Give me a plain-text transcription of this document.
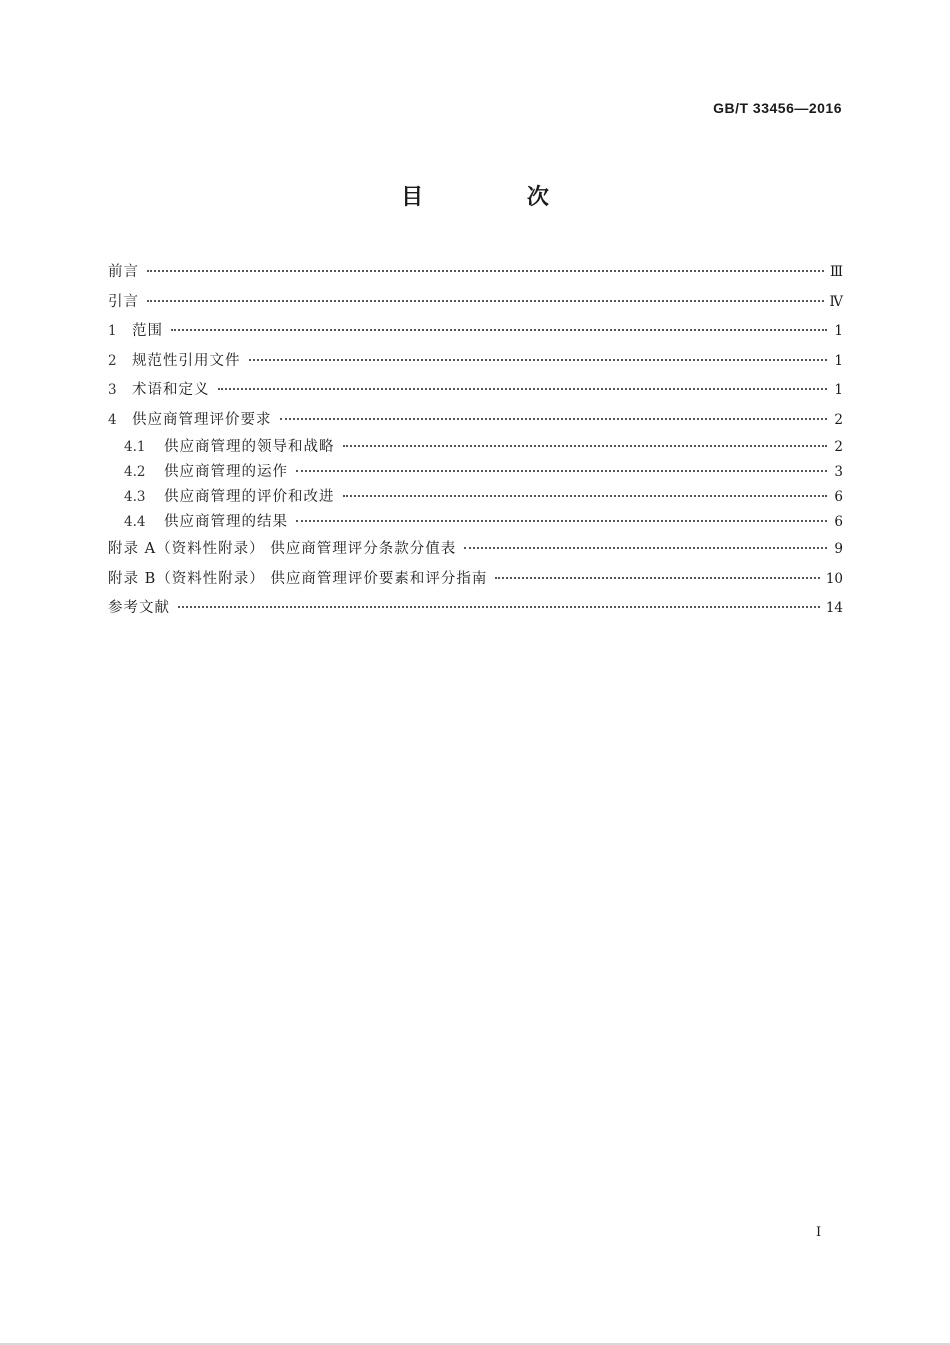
GB/T 33456—2016
目 次
前言	Ⅲ
引言	Ⅳ
1	范围	1
2	规范性引用文件	1
3	术语和定义	1
4	供应商管理评价要求	2
4.1	供应商管理的领导和战略	2
4.2	供应商管理的运作	3
4.3	供应商管理的评价和改进	6
4.4	供应商管理的结果	6
附录 A（资料性附录） 供应商管理评分条款分值表	9
附录 B（资料性附录） 供应商管理评价要素和评分指南	10
参考文献	14
Ⅰ
